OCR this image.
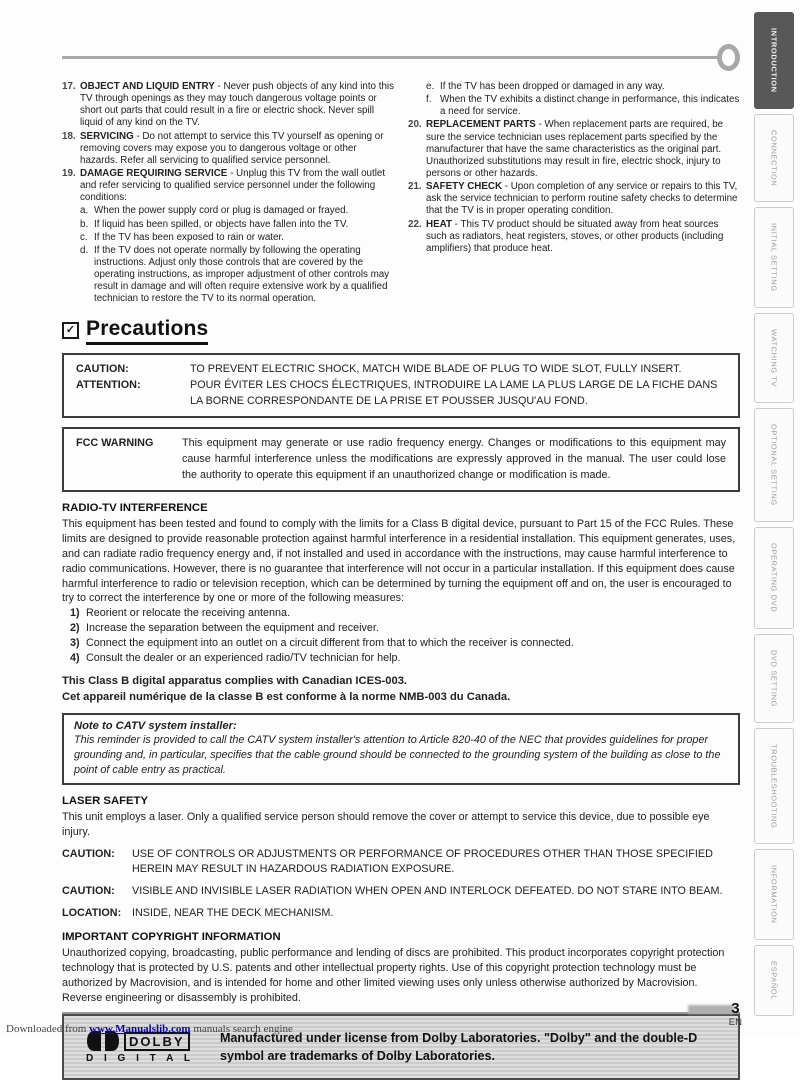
INTRODUCTION
CONNECTION
INITIAL SETTING
WATCHING TV
OPTIONAL SETTING
OPERATING DVD
DVD SETTING
TROUBLESHOOTING
INFORMATION
ESPAÑOL
17. OBJECT AND LIQUID ENTRY - Never push objects of any kind into this TV through openings as they may touch dangerous voltage points or short out parts that could result in a fire or electric shock. Never spill liquid of any kind on the TV.
18. SERVICING - Do not attempt to service this TV yourself as opening or removing covers may expose you to dangerous voltage or other hazards. Refer all servicing to qualified service personnel.
19. DAMAGE REQUIRING SERVICE - Unplug this TV from the wall outlet and refer servicing to qualified service personnel under the following conditions:
a. When the power supply cord or plug is damaged or frayed.
b. If liquid has been spilled, or objects have fallen into the TV.
c. If the TV has been exposed to rain or water.
d. If the TV does not operate normally by following the operating instructions. Adjust only those controls that are covered by the operating instructions, as improper adjustment of other controls may result in damage and will often require extensive work by a qualified technician to restore the TV to its normal operation.
e. If the TV has been dropped or damaged in any way.
f. When the TV exhibits a distinct change in performance, this indicates a need for service.
20. REPLACEMENT PARTS - When replacement parts are required, be sure the service technician uses replacement parts specified by the manufacturer that have the same characteristics as the original part. Unauthorized substitutions may result in fire, electric shock, injury to persons or other hazards.
21. SAFETY CHECK - Upon completion of any service or repairs to this TV, ask the service technician to perform routine safety checks to determine that the TV is in proper operating condition.
22. HEAT - This TV product should be situated away from heat sources such as radiators, heat registers, stoves, or other products (including amplifiers) that produce heat.
✓ Precautions
CAUTION:	TO PREVENT ELECTRIC SHOCK, MATCH WIDE BLADE OF PLUG TO WIDE SLOT, FULLY INSERT.
ATTENTION:	POUR ÉVITER LES CHOCS ÉLECTRIQUES, INTRODUIRE LA LAME LA PLUS LARGE DE LA FICHE DANS LA BORNE CORRESPONDANTE DE LA PRISE ET POUSSER JUSQU'AU FOND.
FCC WARNING	This equipment may generate or use radio frequency energy. Changes or modifications to this equipment may cause harmful interference unless the modifications are expressly approved in the manual. The user could lose the authority to operate this equipment if an unauthorized change or modification is made.
RADIO-TV INTERFERENCE
This equipment has been tested and found to comply with the limits for a Class B digital device, pursuant to Part 15 of the FCC Rules. These limits are designed to provide reasonable protection against harmful interference in a residential installation. This equipment generates, uses, and can radiate radio frequency energy and, if not installed and used in accordance with the instructions, may cause harmful interference to radio communications. However, there is no guarantee that interference will not occur in a particular installation. If this equipment does cause harmful interference to radio or television reception, which can be determined by turning the equipment off and on, the user is encouraged to try to correct the interference by one or more of the following measures:
1) Reorient or relocate the receiving antenna.
2) Increase the separation between the equipment and receiver.
3) Connect the equipment into an outlet on a circuit different from that to which the receiver is connected.
4) Consult the dealer or an experienced radio/TV technician for help.
This Class B digital apparatus complies with Canadian ICES-003.
Cet appareil numérique de la classe B est conforme à la norme NMB-003 du Canada.
Note to CATV system installer:
This reminder is provided to call the CATV system installer's attention to Article 820-40 of the NEC that provides guidelines for proper grounding and, in particular, specifies that the cable ground should be connected to the grounding system of the building as close to the point of cable entry as practical.
LASER SAFETY
This unit employs a laser. Only a qualified service person should remove the cover or attempt to service this device, due to possible eye injury.
CAUTION:	USE OF CONTROLS OR ADJUSTMENTS OR PERFORMANCE OF PROCEDURES OTHER THAN THOSE SPECIFIED HEREIN MAY RESULT IN HAZARDOUS RADIATION EXPOSURE.
CAUTION:	VISIBLE AND INVISIBLE LASER RADIATION WHEN OPEN AND INTERLOCK DEFEATED. DO NOT STARE INTO BEAM.
LOCATION:	INSIDE, NEAR THE DECK MECHANISM.
IMPORTANT COPYRIGHT INFORMATION
Unauthorized copying, broadcasting, public performance and lending of discs are prohibited. This product incorporates copyright protection technology that is protected by U.S. patents and other intellectual property rights. Use of this copyright protection technology must be authorized by Macrovision, and is intended for home and other limited viewing uses only unless otherwise authorized by Macrovision. Reverse engineering or disassembly is prohibited.
DOLBY
D I G I T A L
Manufactured under license from Dolby Laboratories. "Dolby" and the double-D symbol are trademarks of Dolby Laboratories.
3
EN
Downloaded from www.Manualslib.com manuals search engine
